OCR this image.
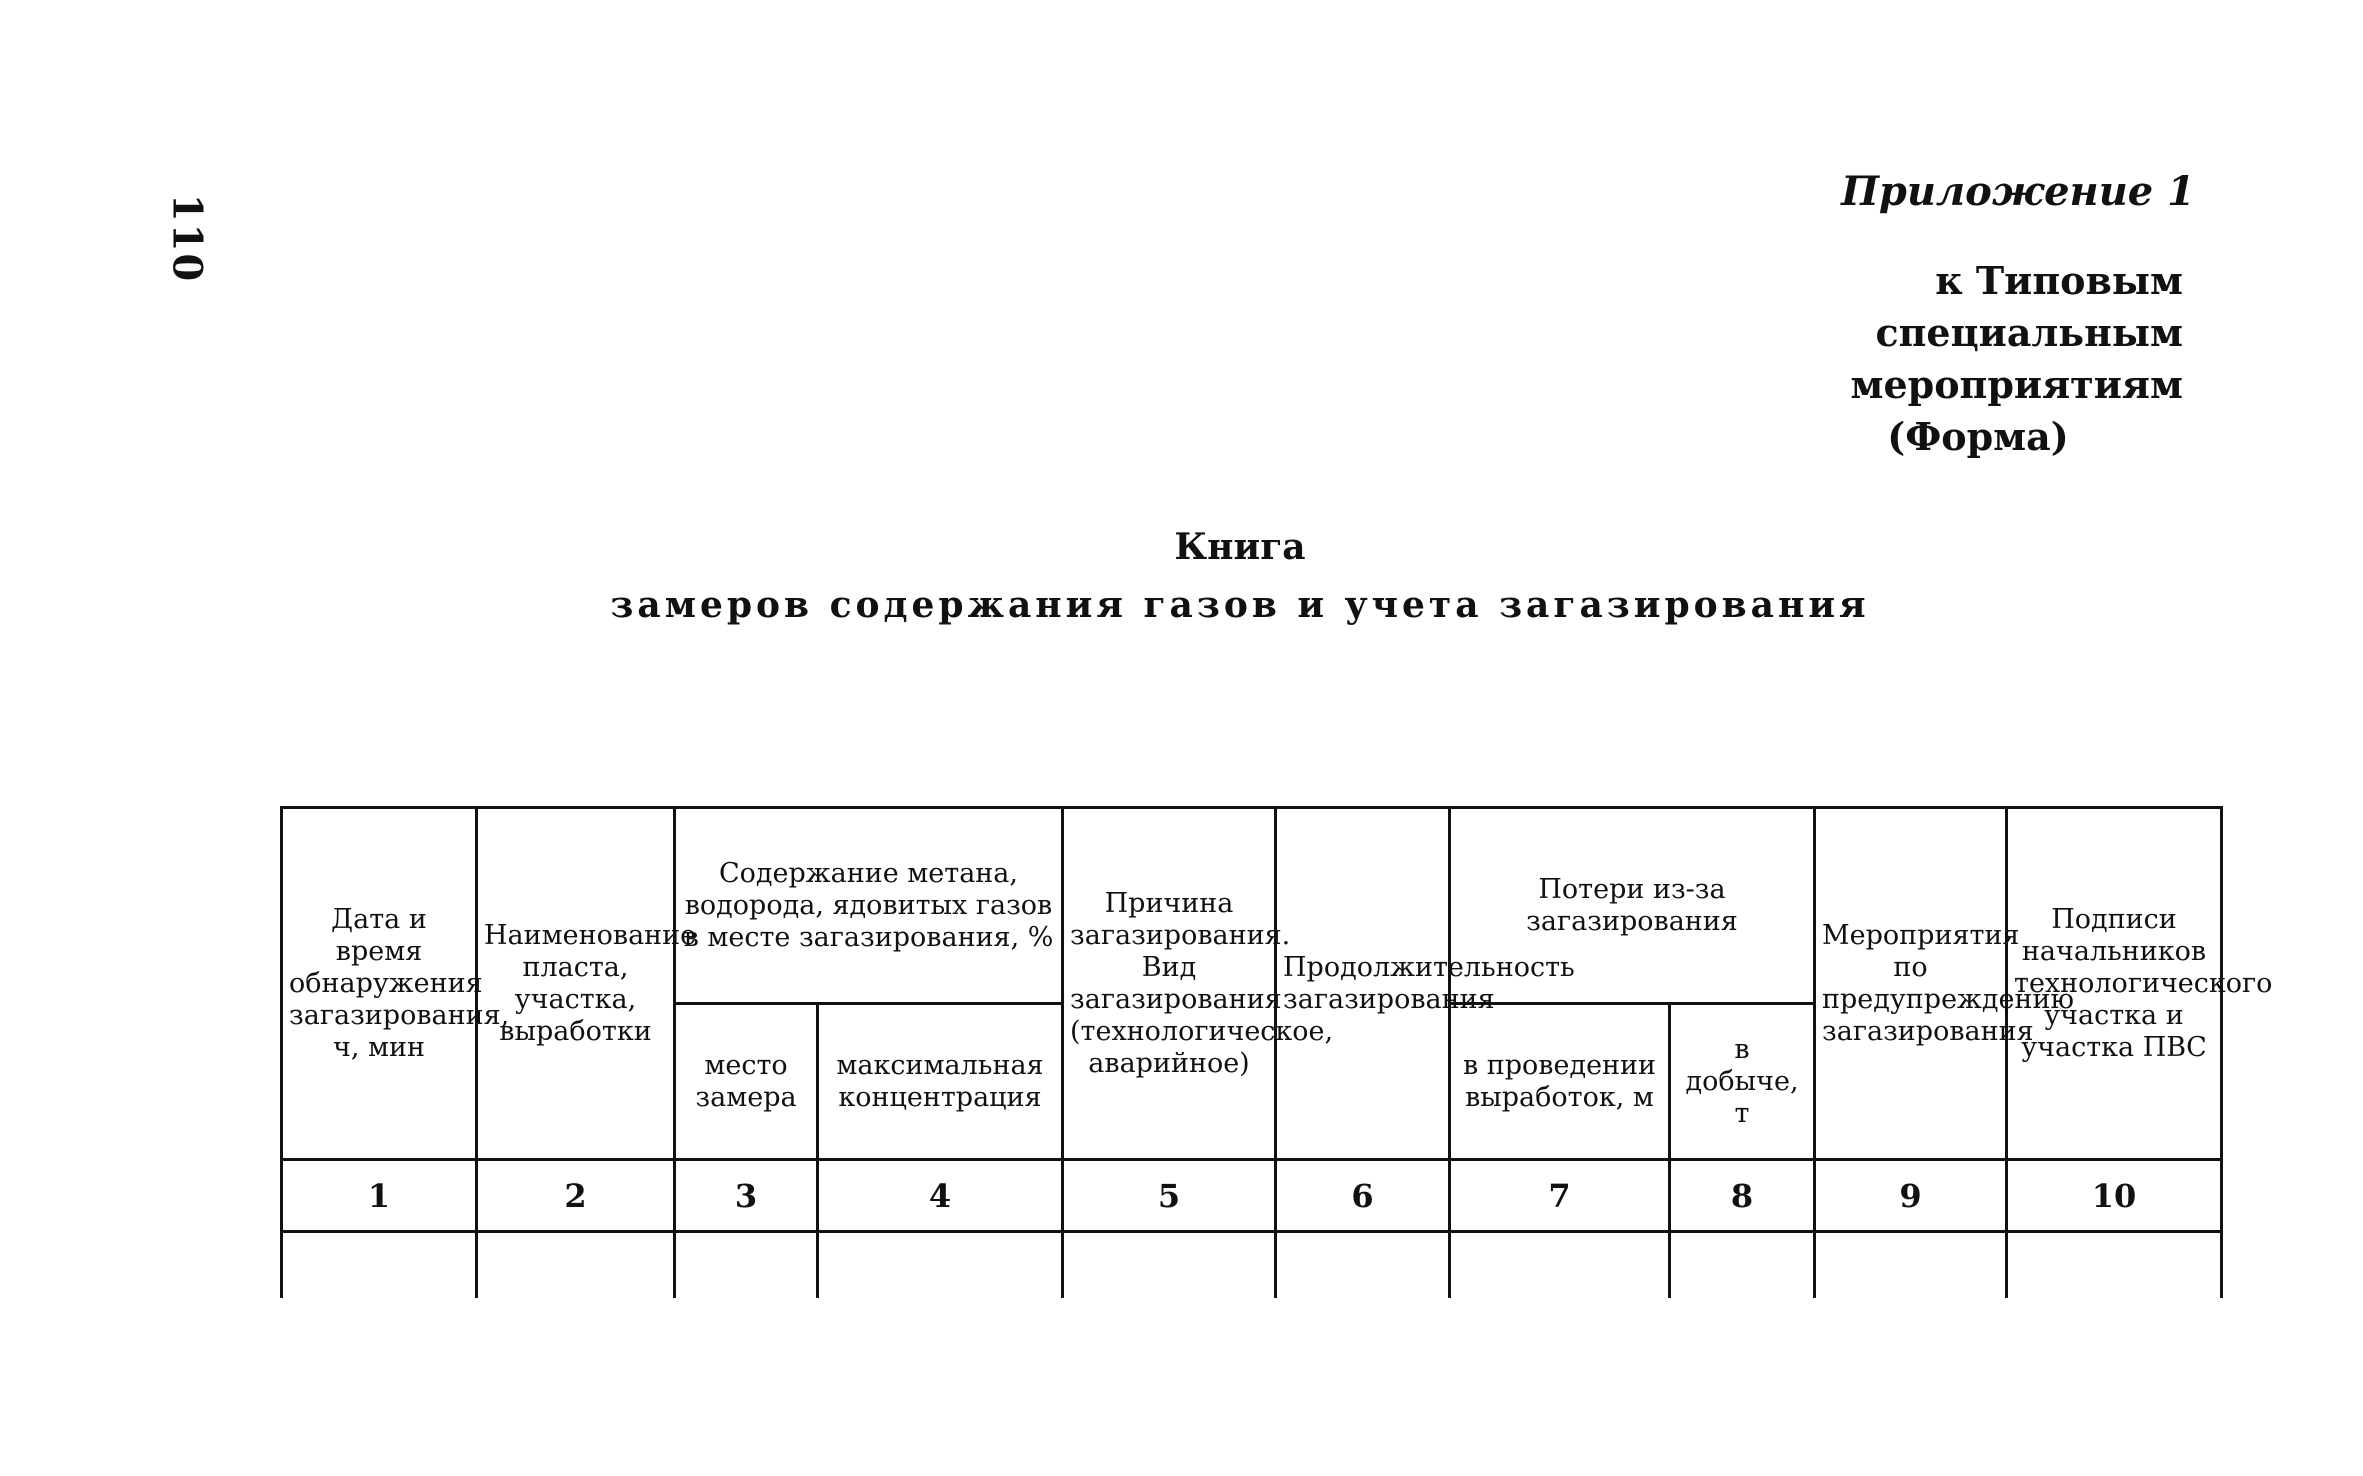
110
Приложение 1
к Типовым специальным
мероприятиям
(Форма)
Книга
замеров содержания газов и учета загазирования
Дата и время обнаружения загазирования, ч, мин	Наименование пласта, участка, выработки	Содержание метана, водорода, ядовитых газов в месте загазирования, %		Причина загазирования. Вид загазирования (технологическое, аварийное)	Продолжительность загазирования	Потери из-за загазирования		Мероприятия по предупреждению загазирования	Подписи начальников технологического участка и участка ПВС
		место замера	максимальная концентрация			в проведении выработок, м	в добыче, т		
1	2	3	4	5	6	7	8	9	10
